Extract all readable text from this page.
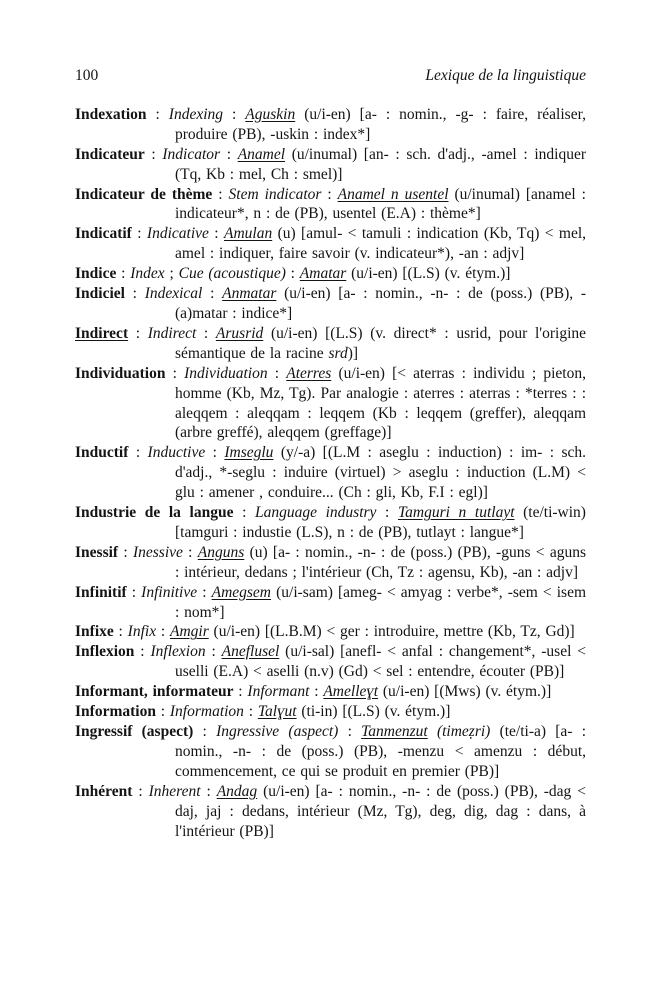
100	Lexique de la linguistique
Indexation : Indexing : Aguskin (u/i-en) [a- : nomin., -g- : faire, réaliser, produire (PB), -uskin : index*]
Indicateur : Indicator : Anamel (u/inumal) [an- : sch. d'adj., -amel : indiquer (Tq, Kb : mel, Ch : smel)]
Indicateur de thème : Stem indicator : Anamel n usentel (u/inumal) [anamel : indicateur*, n : de (PB), usentel (E.A) : thème*]
Indicatif : Indicative : Amulan (u) [amul- < tamuli : indication (Kb, Tq) < mel, amel : indiquer, faire savoir (v. indicateur*), -an : adjv]
Indice : Index ; Cue (acoustique) : Amatar (u/i-en) [(L.S) (v. étym.)]
Indiciel : Indexical : Anmatar (u/i-en) [a- : nomin., -n- : de (poss.) (PB), -(a)matar : indice*]
Indirect : Indirect : Arusrid (u/i-en) [(L.S) (v. direct* : usrid, pour l'origine sémantique de la racine srd)]
Individuation : Individuation : Aterres (u/i-en) [< aterras : individu ; pieton, homme (Kb, Mz, Tg). Par analogie : aterres : aterras : *terres : : aleqqem : aleqqam : leqqem (Kb : leqqem (greffer), aleqqam (arbre greffé), aleqqem (greffage)]
Inductif : Inductive : Imseglu (y/-a) [(L.M : aseglu : induction) : im- : sch. d'adj., *-seglu : induire (virtuel) > aseglu : induction (L.M) < glu : amener , conduire... (Ch : gli, Kb, F.I : egl)]
Industrie de la langue : Language industry : Tamguri n tutlayt (te/ti-win) [tamguri : industie (L.S), n : de (PB), tutlayt : langue*]
Inessif : Inessive : Anguns (u) [a- : nomin., -n- : de (poss.) (PB), -guns < aguns : intérieur, dedans ; l'intérieur (Ch, Tz : agensu, Kb), -an : adjv]
Infinitif : Infinitive : Amegsem (u/i-sam) [ameg- < amyag : verbe*, -sem < isem : nom*]
Infixe : Infix : Amgir (u/i-en) [(L.B.M) < ger : introduire, mettre (Kb, Tz, Gd)]
Inflexion : Inflexion : Aneflusel (u/i-sal) [anefl- < anfal : changement*, -usel < uselli (E.A) < aselli (n.v) (Gd) < sel : entendre, écouter (PB)]
Informant, informateur : Informant : Amelleɣt (u/i-en) [(Mws) (v. étym.)]
Information : Information : Talɣut (ti-in) [(L.S) (v. étym.)]
Ingressif (aspect) : Ingressive (aspect) : Tanmenzut (timeẓri) (te/ti-a) [a- : nomin., -n- : de (poss.) (PB), -menzu < amenzu : début, commencement, ce qui se produit en premier (PB)]
Inhérent : Inherent : Andag (u/i-en) [a- : nomin., -n- : de (poss.) (PB), -dag < daj, jaj : dedans, intérieur (Mz, Tg), deg, dig, dag : dans, à l'intérieur (PB)]
